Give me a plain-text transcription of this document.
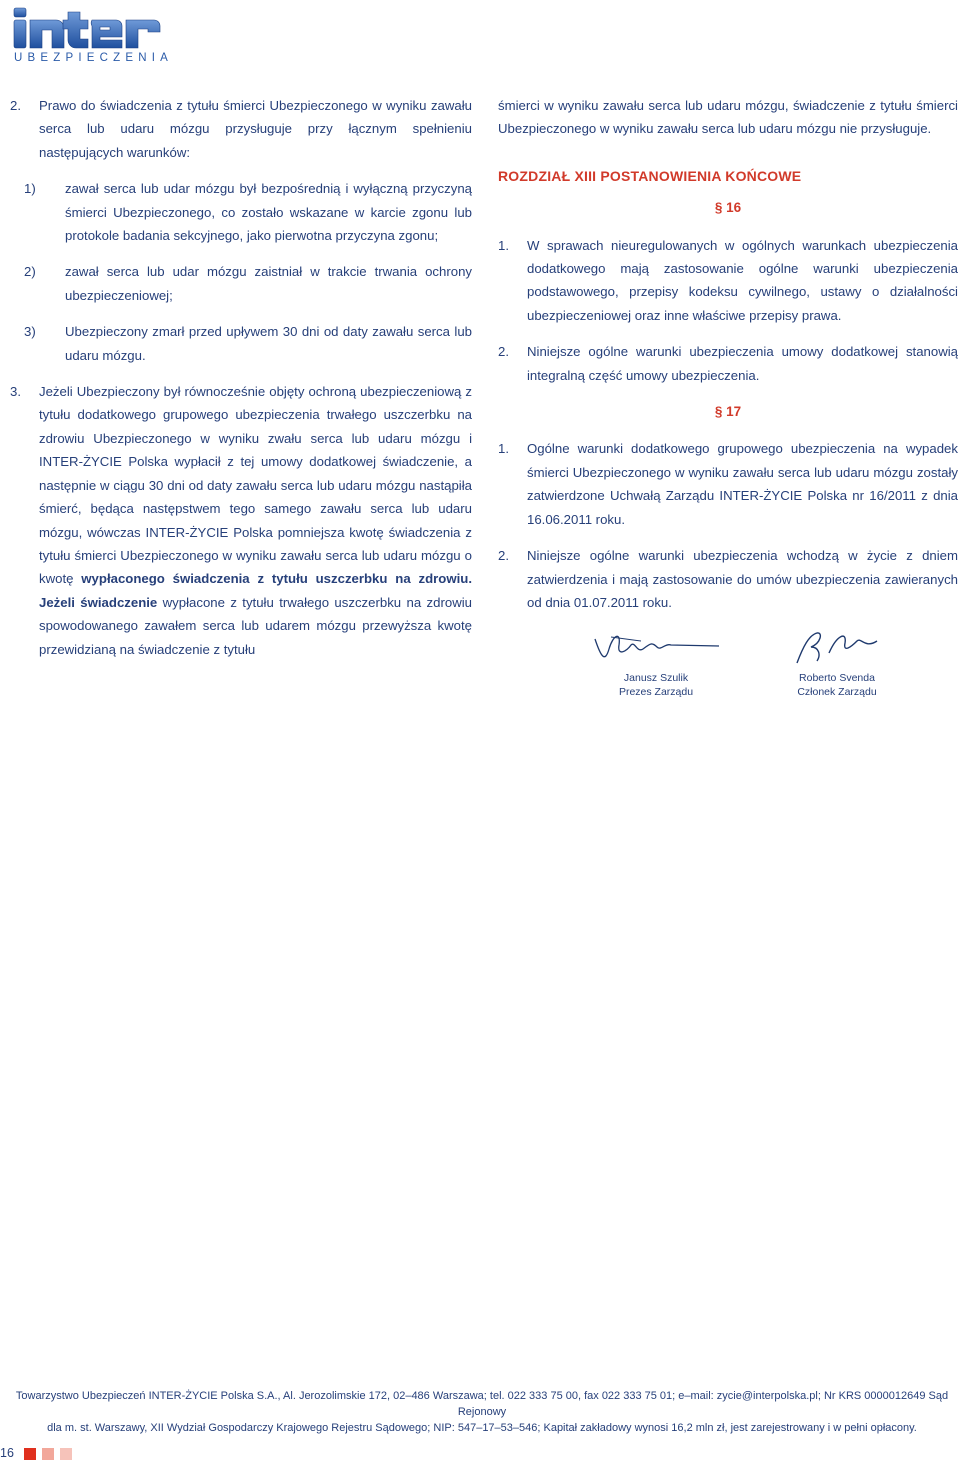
UBEZPIECZENIA
2. Prawo do świadczenia z tytułu śmierci Ubezpieczonego w wyniku zawału serca lub udaru mózgu przysługuje przy łącznym spełnieniu następujących warunków:
1) zawał serca lub udar mózgu był bezpośrednią i wyłączną przyczyną śmierci Ubezpieczonego, co zostało wskazane w karcie zgonu lub protokole badania sekcyjnego, jako pierwotna przyczyna zgonu;
2) zawał serca lub udar mózgu zaistniał w trakcie trwania ochrony ubezpieczeniowej;
3) Ubezpieczony zmarł przed upływem 30 dni od daty zawału serca lub udaru mózgu.
3. Jeżeli Ubezpieczony był równocześnie objęty ochroną ubezpieczeniową z tytułu dodatkowego grupowego ubezpieczenia trwałego uszczerbku na zdrowiu Ubezpieczonego w wyniku zwału serca lub udaru mózgu i INTER-ŻYCIE Polska wypłacił z tej umowy dodatkowej świadczenie, a następnie w ciągu 30 dni od daty zawału serca lub udaru mózgu nastąpiła śmierć, będąca następstwem tego samego zawału serca lub udaru mózgu, wówczas INTER-ŻYCIE Polska pomniejsza kwotę świadczenia z tytułu śmierci Ubezpieczonego w wyniku zawału serca lub udaru mózgu o kwotę wypłaconego świadczenia z tytułu uszczerbku na zdrowiu. Jeżeli świadczenie wypłacone z tytułu trwałego uszczerbku na zdrowiu spowodowanego zawałem serca lub udarem mózgu przewyższa kwotę przewidzianą na świadczenie z tytułu

śmierci w wyniku zawału serca lub udaru mózgu, świadczenie z tytułu śmierci Ubezpieczonego w wyniku zawału serca lub udaru mózgu nie przysługuje.

ROZDZIAŁ XIII POSTANOWIENIA KOŃCOWE
§ 16
1. W sprawach nieuregulowanych w ogólnych warunkach ubezpieczenia dodatkowego mają zastosowanie ogólne warunki ubezpieczenia podstawowego, przepisy kodeksu cywilnego, ustawy o działalności ubezpieczeniowej oraz inne właściwe przepisy prawa.
2. Niniejsze ogólne warunki ubezpieczenia umowy dodatkowej stanowią integralną część umowy ubezpieczenia.
§ 17
1. Ogólne warunki dodatkowego grupowego ubezpieczenia na wypadek śmierci Ubezpieczonego w wyniku zawału serca lub udaru mózgu zostały zatwierdzone Uchwałą Zarządu INTER-ŻYCIE Polska nr 16/2011 z dnia 16.06.2011 roku.
2. Niniejsze ogólne warunki ubezpieczenia wchodzą w życie z dniem zatwierdzenia i mają zastosowanie do umów ubezpieczenia zawieranych od dnia 01.07.2011 roku.
Janusz Szulik
Prezes Zarządu
Roberto Svenda
Członek Zarządu
Towarzystwo Ubezpieczeń INTER-ŻYCIE Polska S.A., Al. Jerozolimskie 172, 02–486 Warszawa; tel. 022 333 75 00, fax 022 333 75 01; e–mail: zycie@interpolska.pl; Nr KRS 0000012649 Sąd Rejonowy
dla m. st. Warszawy, XII Wydział Gospodarczy Krajowego Rejestru Sądowego; NIP: 547–17–53–546; Kapitał zakładowy wynosi 16,2 mln zł, jest zarejestrowany i w pełni opłacony.
16
